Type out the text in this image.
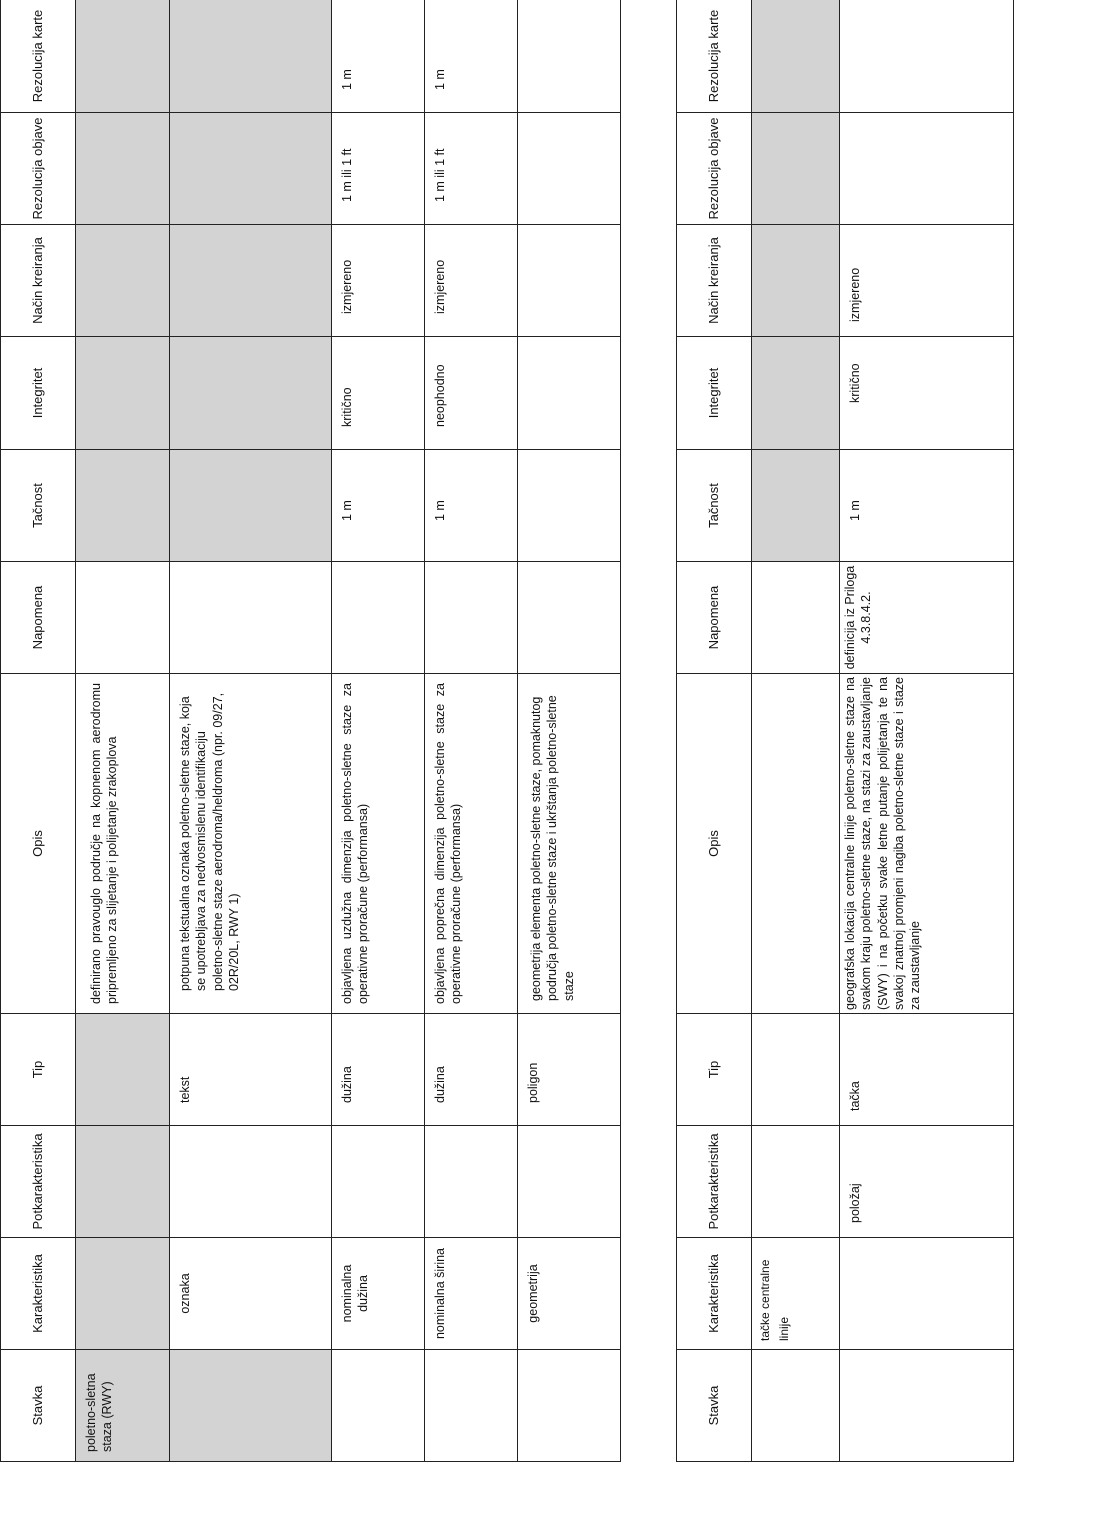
Stavka	Karakteristika	Potkarakteristika	Tip	Opis	Napomena	Tačnost	Integritet	Način kreiranja	Rezolucija objave	Rezolucija karte
poletno-sletna staza (RWY)				definirano pravouglo područje na kopnenom aerodromu pripremljeno za slijetanje i polijetanje zrakoplova						
	oznaka		tekst	potpuna tekstualna oznaka poletno-sletne staze, koja se upotrebljava za nedvosmislenu identifikaciju poletno-sletne staze aerodroma/heldroma (npr. 09/27, 02R/20L, RWY 1)						
	nominalna dužina		dužina	objavljena uzdužna dimenzija poletno-sletne staze za operativne proračune (performansa)		1 m	kritično	izmjereno	1 m ili 1 ft	1 m
	nominalna širina		dužina	objavljena poprečna dimenzija poletno-sletne staze za operativne proračune (performansa)		1 m	neophodno	izmjereno	1 m ili 1 ft	1 m
	geometrija		poligon	geometrija elementa poletno-sletne staze, pomaknutog područja poletno-sletne staze i ukrštanja poletno-sletne staze						
Stavka	Karakteristika	Potkarakteristika	Tip	Opis	Napomena	Tačnost	Integritet	Način kreiranja	Rezolucija objave	Rezolucija karte
	tačke centralne linije									
		položaj	tačka	geografska lokacija centralne linije poletno-sletne staze na svakom kraju poletno-sletne staze, na stazi za zaustavljanje (SWY) i na početku svake letne putanje polijetanja te na svakoj znatnoj promjeni nagiba poletno-sletne staze i staze za zaustavljanje	definicija iz Priloga 4.3.8.4.2.	1 m	kritično	izmjereno		
